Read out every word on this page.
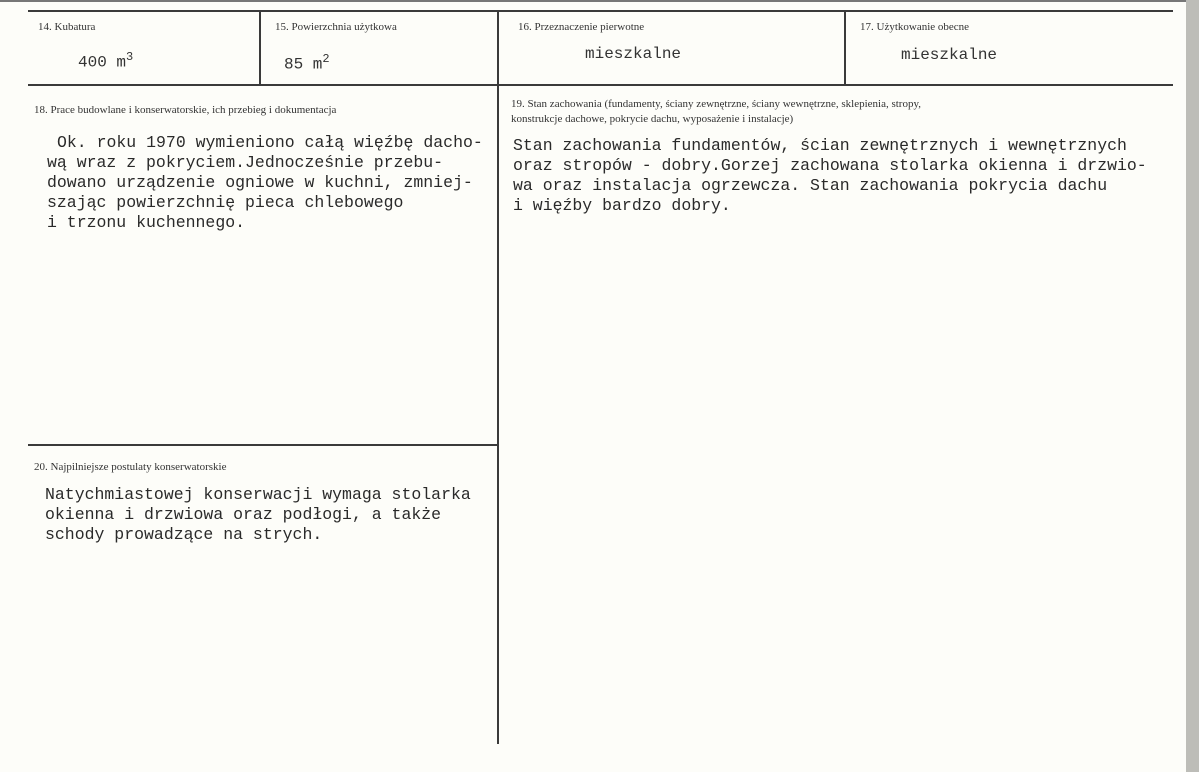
14. Kubatura
400 $m^3$
15. Powierzchnia użytkowa
85 $m^2$
16. Przeznaczenie pierwotne
mieszkalne
17. Użytkowanie obecne
mieszkalne
18. Prace budowlane i konserwatorskie, ich przebieg i dokumentacja
Ok. roku 1970 wymieniono całą więźbę dacho-
wą wraz z pokryciem.Jednocześnie przebu-
dowano urządzenie ogniowe w kuchni, zmniej-
szając powierzchnię pieca chlebowego
i trzonu kuchennego.
19. Stan zachowania (fundamenty, ściany zewnętrzne, ściany wewnętrzne, sklepienia, stropy,
konstrukcje dachowe, pokrycie dachu, wyposażenie i instalacje)
Stan zachowania fundamentów, ścian zewnętrznych i wewnętrznych
oraz stropów - dobry.Gorzej zachowana stolarka okienna i drzwio-
wa oraz instalacja ogrzewcza. Stan zachowania pokrycia dachu
i więźby bardzo dobry.
20. Najpilniejsze postulaty konserwatorskie
Natychmiastowej konserwacji wymaga stolarka
okienna i drzwiowa oraz podłogi, a także
schody prowadzące na strych.
